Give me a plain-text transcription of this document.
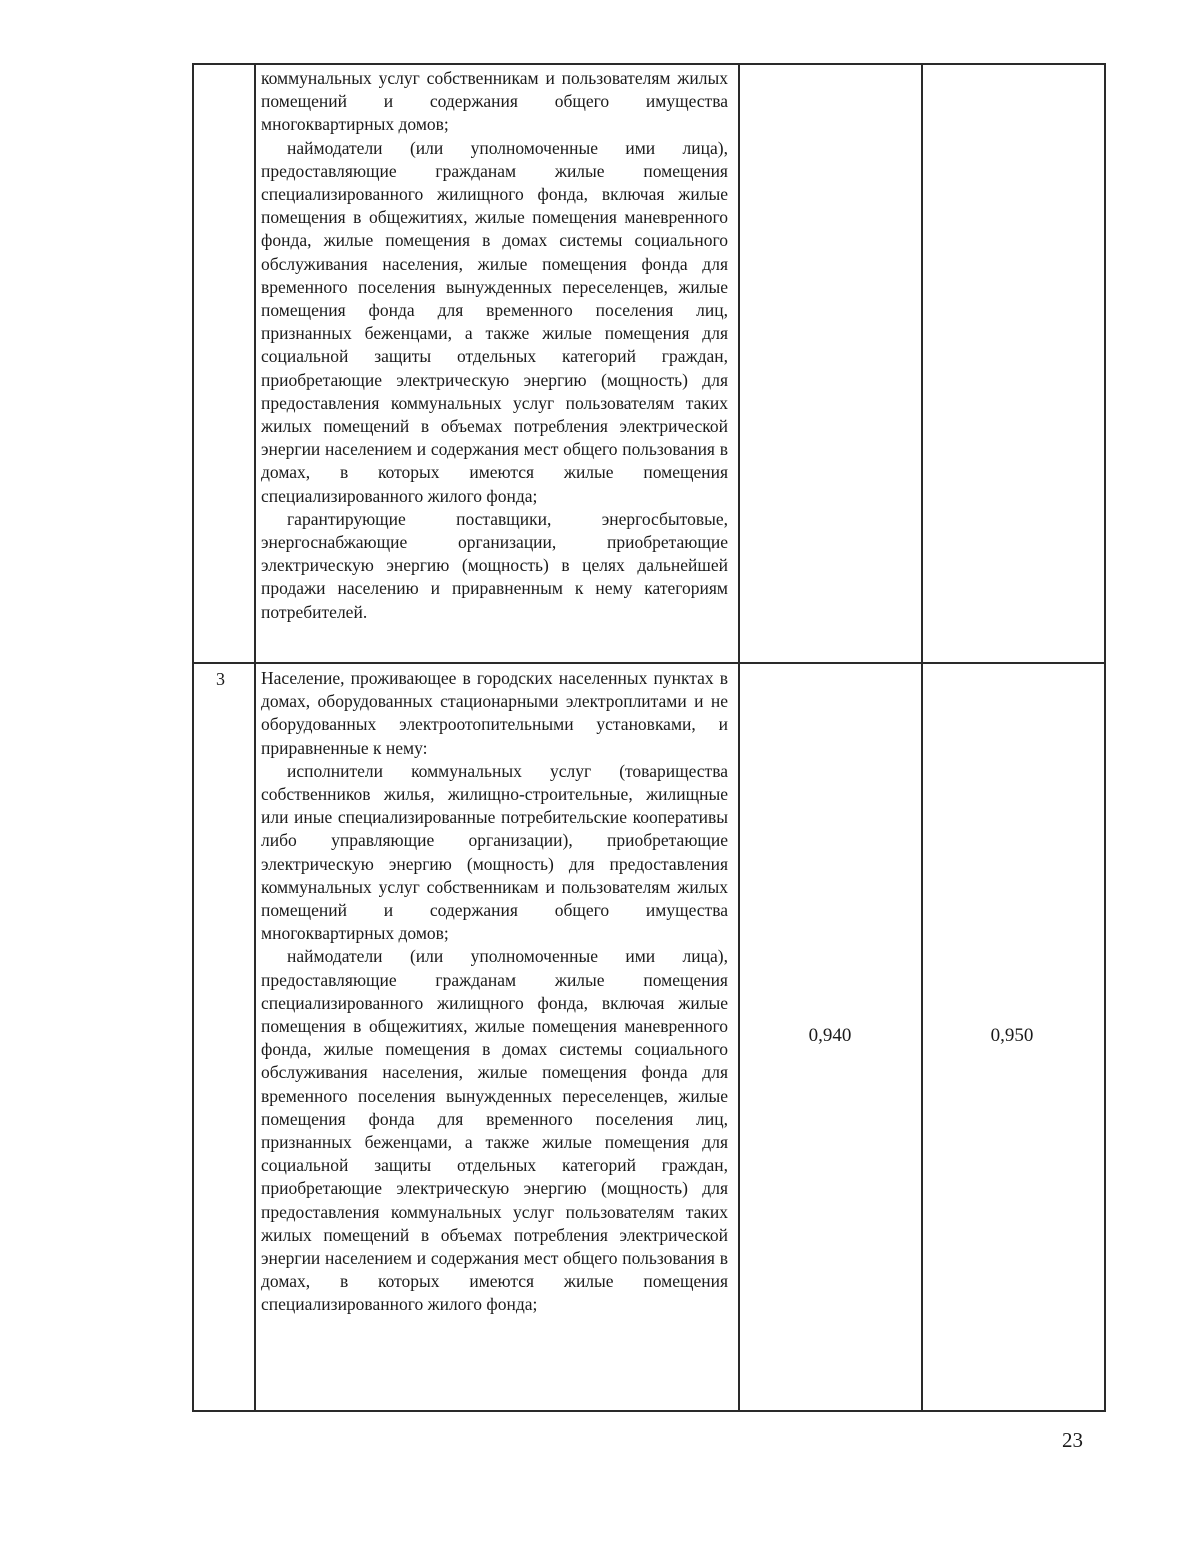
коммунальных услуг собственникам и пользователям жилых помещений и содержания общего имущества многоквартирных домов;

наймодатели (или уполномоченные ими лица), предоставляющие гражданам жилые помещения специализированного жилищного фонда, включая жилые помещения в общежитиях, жилые помещения маневренного фонда, жилые помещения в домах системы социального обслуживания населения, жилые помещения фонда для временного поселения вынужденных переселенцев, жилые помещения фонда для временного поселения лиц, признанных беженцами, а также жилые помещения для социальной защиты отдельных категорий граждан, приобретающие электрическую энергию (мощность) для предоставления коммунальных услуг пользователям таких жилых помещений в объемах потребления электрической энергии населением и содержания мест общего пользования в домах, в которых имеются жилые помещения специализированного жилого фонда;

гарантирующие поставщики, энергосбытовые, энергоснабжающие организации, приобретающие электрическую энергию (мощность) в целях дальнейшей продажи населению и приравненным к нему категориям потребителей.

3 Население, проживающее в городских населенных пунктах в домах, оборудованных стационарными электроплитами и не оборудованных электроотопительными установками, и приравненные к нему:

исполнители коммунальных услуг (товарищества собственников жилья, жилищно-строительные, жилищные или иные специализированные потребительские кооперативы либо управляющие организации), приобретающие электрическую энергию (мощность) для предоставления коммунальных услуг собственникам и пользователям жилых помещений и содержания общего имущества многоквартирных домов;

наймодатели (или уполномоченные ими лица), предоставляющие гражданам жилые помещения специализированного жилищного фонда, включая жилые помещения в общежитиях, жилые помещения маневренного фонда, жилые помещения в домах системы социального обслуживания населения, жилые помещения фонда для временного поселения вынужденных переселенцев, жилые помещения фонда для временного поселения лиц, признанных беженцами, а также жилые помещения для социальной защиты отдельных категорий граждан, приобретающие электрическую энергию (мощность) для предоставления коммунальных услуг пользователям таких жилых помещений в объемах потребления электрической энергии населением и содержания мест общего пользования в домах, в которых имеются жилые помещения специализированного жилого фонда;

0,940	0,950
23
